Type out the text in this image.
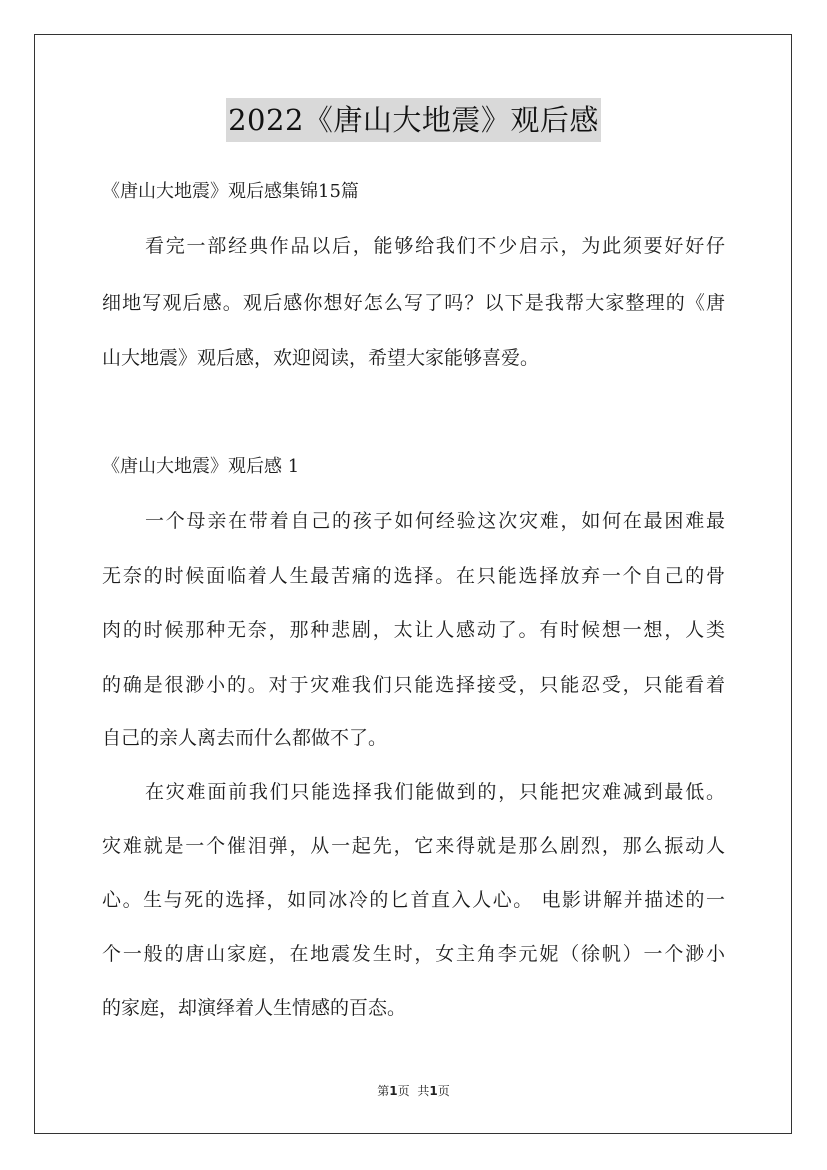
2022《唐山大地震》观后感
《唐山大地震》观后感集锦15篇
看完一部经典作品以后，能够给我们不少启示，为此须要好好仔
细地写观后感。观后感你想好怎么写了吗？以下是我帮大家整理的《唐
山大地震》观后感，欢迎阅读，希望大家能够喜爱。
《唐山大地震》观后感 1
一个母亲在带着自己的孩子如何经验这次灾难，如何在最困难最
无奈的时候面临着人生最苦痛的选择。在只能选择放弃一个自己的骨
肉的时候那种无奈，那种悲剧，太让人感动了。有时候想一想，人类
的确是很渺小的。对于灾难我们只能选择接受，只能忍受，只能看着
自己的亲人离去而什么都做不了。
在灾难面前我们只能选择我们能做到的，只能把灾难减到最低。
灾难就是一个催泪弹，从一起先，它来得就是那么剧烈，那么振动人
心。生与死的选择，如同冰冷的匕首直入人心。 电影讲解并描述的一
个一般的唐山家庭，在地震发生时，女主角李元妮（徐帆）一个渺小
的家庭，却演绎着人生情感的百态。
第1页 共1页
